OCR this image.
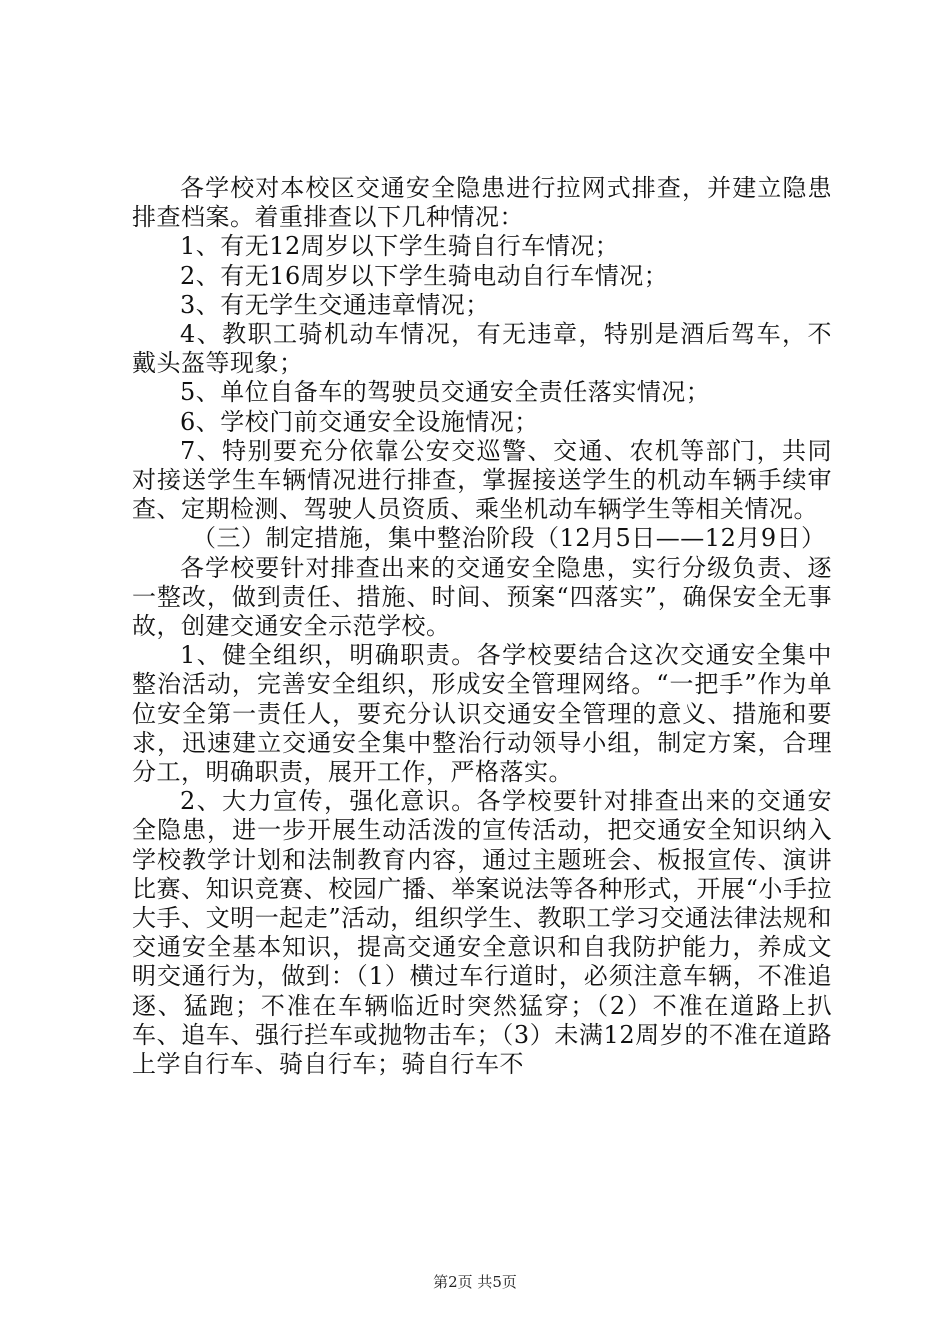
各学校对本校区交通安全隐患进行拉网式排查，并建立隐患排查档案。着重排查以下几种情况：

1、有无12周岁以下学生骑自行车情况；

2、有无16周岁以下学生骑电动自行车情况；

3、有无学生交通违章情况；

4、教职工骑机动车情况，有无违章，特别是酒后驾车，不戴头盔等现象；

5、单位自备车的驾驶员交通安全责任落实情况；

6、学校门前交通安全设施情况；

7、特别要充分依靠公安交巡警、交通、农机等部门，共同对接送学生车辆情况进行排查，掌握接送学生的机动车辆手续审查、定期检测、驾驶人员资质、乘坐机动车辆学生等相关情况。

（三）制定措施，集中整治阶段（12月5日——12月9日）

各学校要针对排查出来的交通安全隐患，实行分级负责、逐一整改，做到责任、措施、时间、预案“四落实”，确保安全无事故，创建交通安全示范学校。

1、健全组织，明确职责。各学校要结合这次交通安全集中整治活动，完善安全组织，形成安全管理网络。“一把手”作为单位安全第一责任人，要充分认识交通安全管理的意义、措施和要求，迅速建立交通安全集中整治行动领导小组，制定方案，合理分工，明确职责，展开工作，严格落实。

2、大力宣传，强化意识。各学校要针对排查出来的交通安全隐患，进一步开展生动活泼的宣传活动，把交通安全知识纳入学校教学计划和法制教育内容，通过主题班会、板报宣传、演讲比赛、知识竞赛、校园广播、举案说法等各种形式，开展“小手拉大手、文明一起走”活动，组织学生、教职工学习交通法律法规和交通安全基本知识，提高交通安全意识和自我防护能力，养成文明交通行为，做到：（1）横过车行道时，必须注意车辆，不准追逐、猛跑；不准在车辆临近时突然猛穿；（2）不准在道路上扒车、追车、强行拦车或抛物击车；（3）未满12周岁的不准在道路上学自行车、骑自行车；骑自行车不

第2页 共5页
